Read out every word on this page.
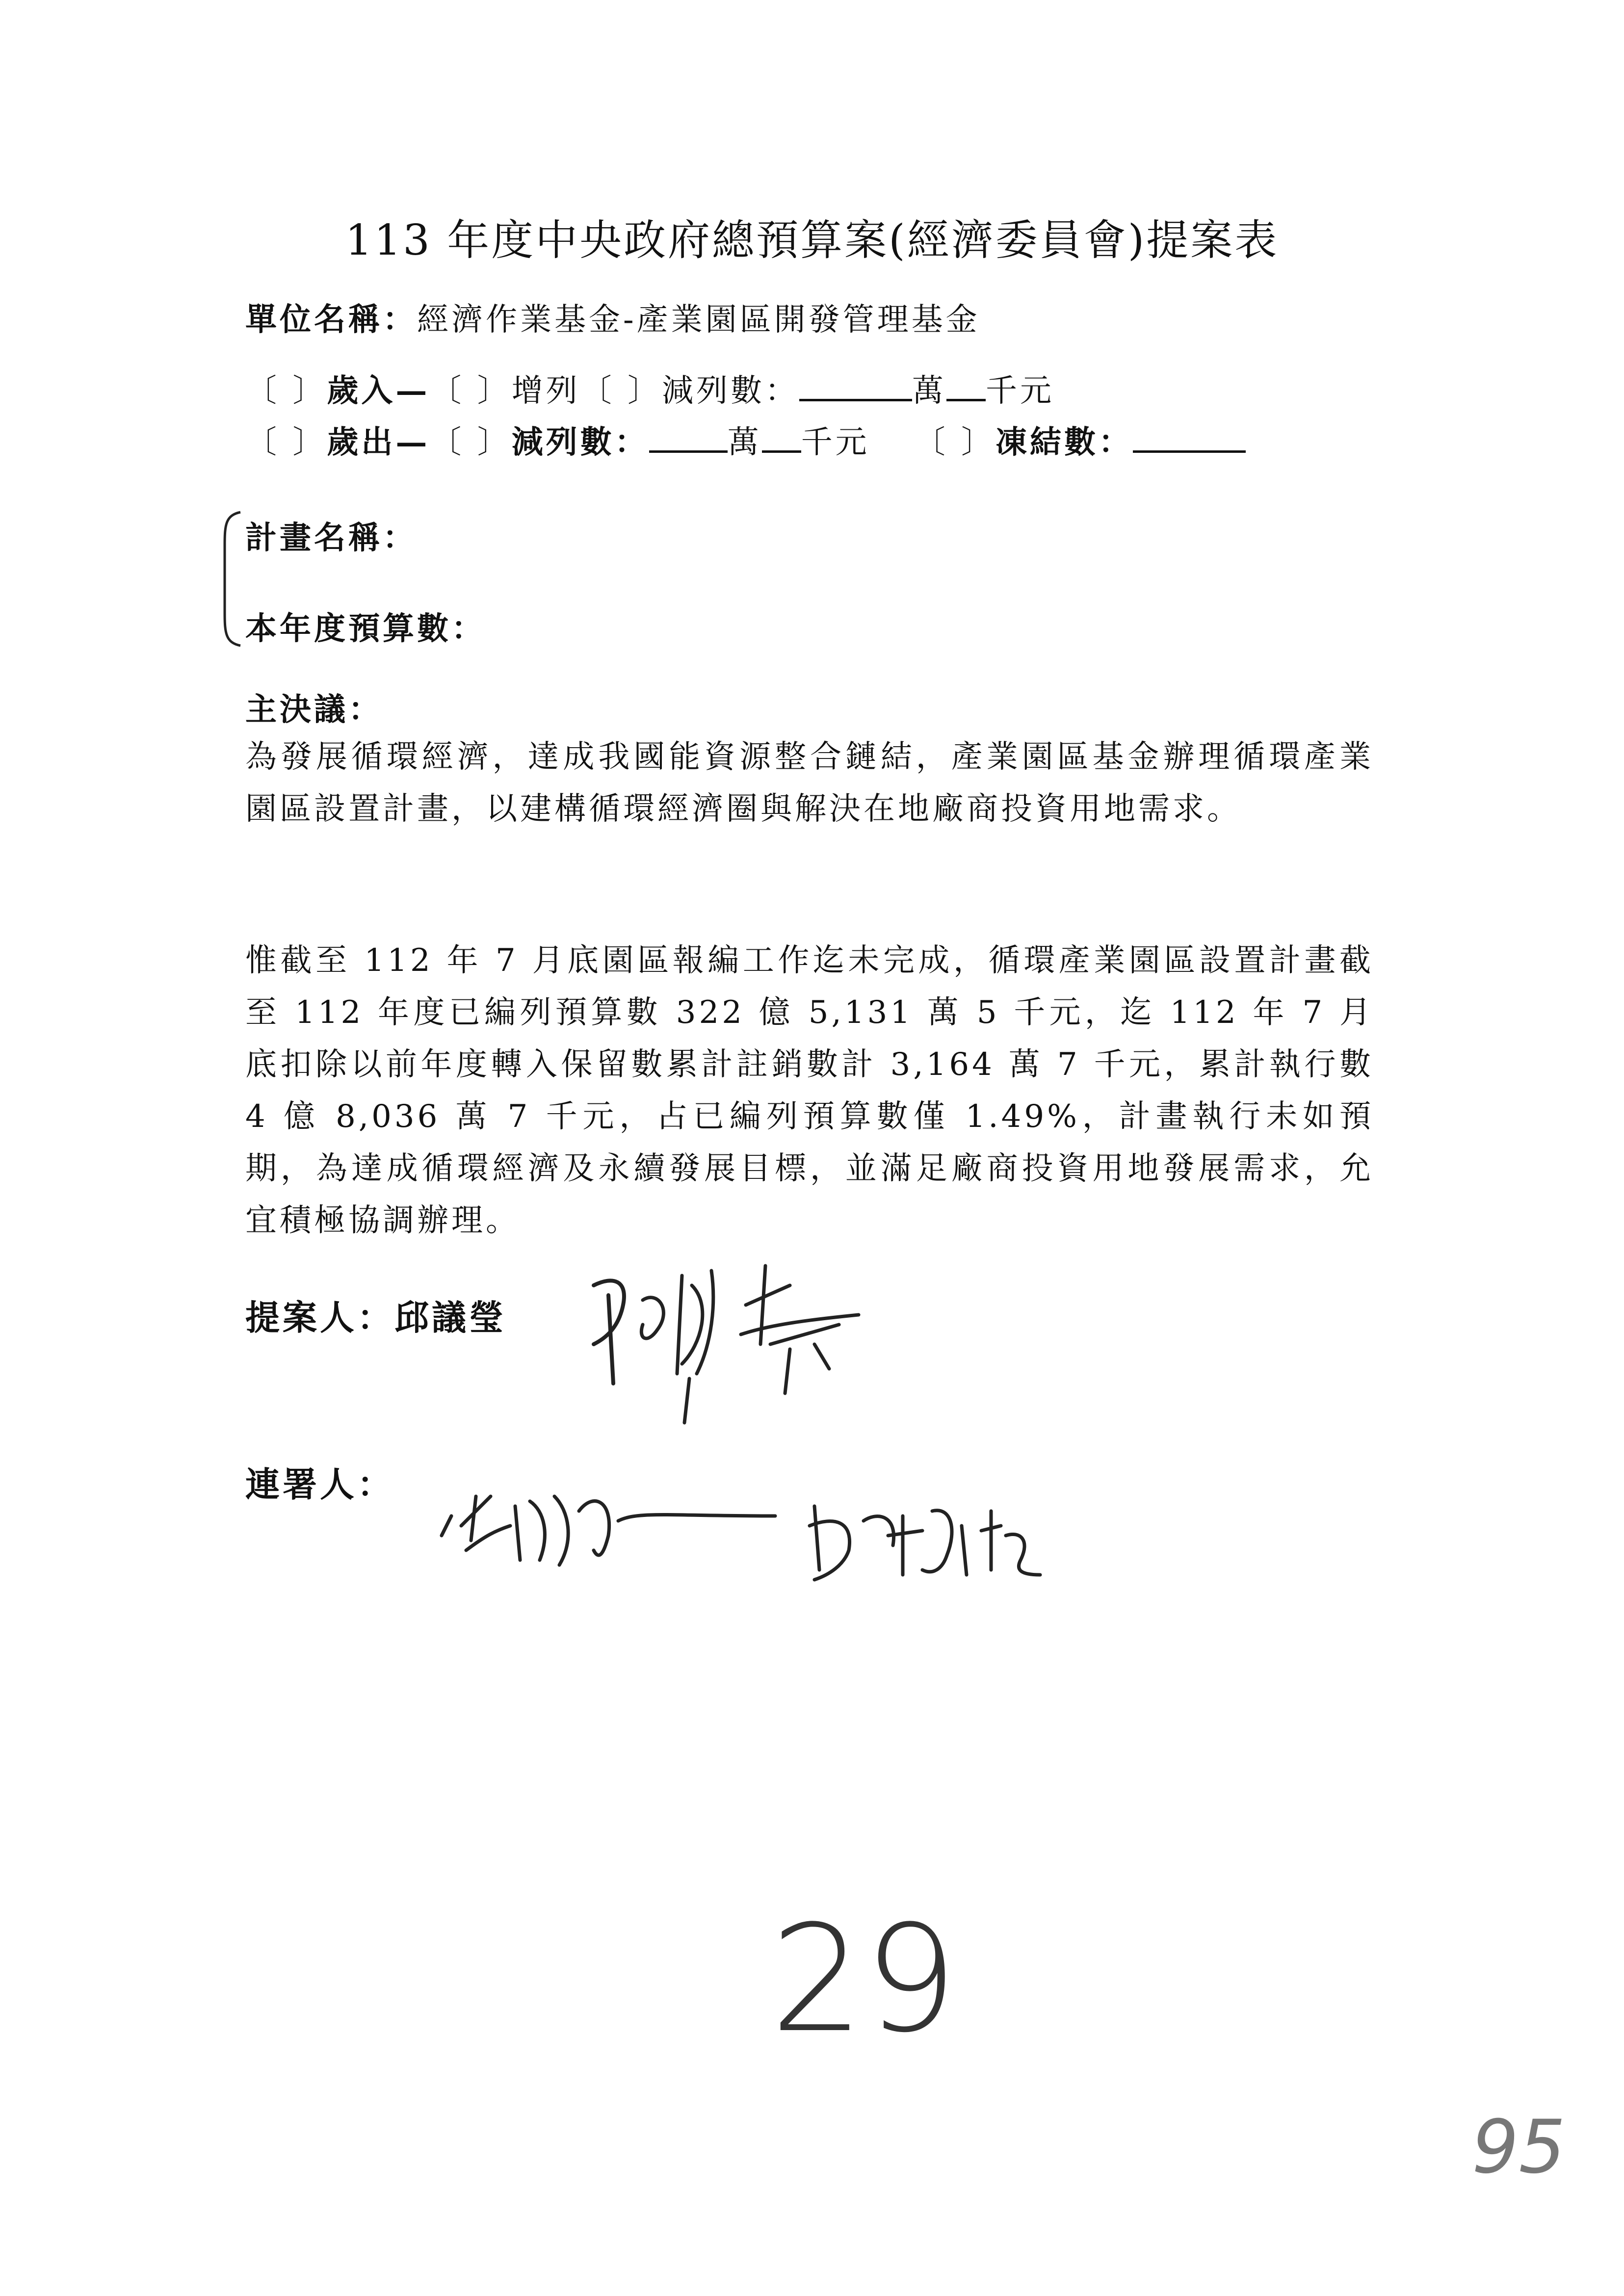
113 年度中央政府總預算案(經濟委員會)提案表
單位名稱：經濟作業基金-產業園區開發管理基金
〔 〕歲入—〔 〕增列〔 〕減列數：	萬 千元
〔 〕歲出—〔 〕減列數：	萬 千元 〔 〕凍結數：
計畫名稱：
本年度預算數：
主決議：

為發展循環經濟，達成我國能資源整合鏈結，產業園區基金辦理循環產業園區設置計畫，以建構循環經濟圈與解決在地廠商投資用地需求。

惟截至 112 年 7 月底園區報編工作迄未完成，循環產業園區設置計畫截至 112 年度已編列預算數 322 億 5,131 萬 5 千元，迄 112 年 7 月底扣除以前年度轉入保留數累計註銷數計 3,164 萬 7 千元，累計執行數 4 億 8,036 萬 7 千元，占已編列預算數僅 1.49%，計畫執行未如預期，為達成循環經濟及永續發展目標，並滿足廠商投資用地發展需求，允宜積極協調辦理。

提案人：邱議瑩
連署人：
29
95
